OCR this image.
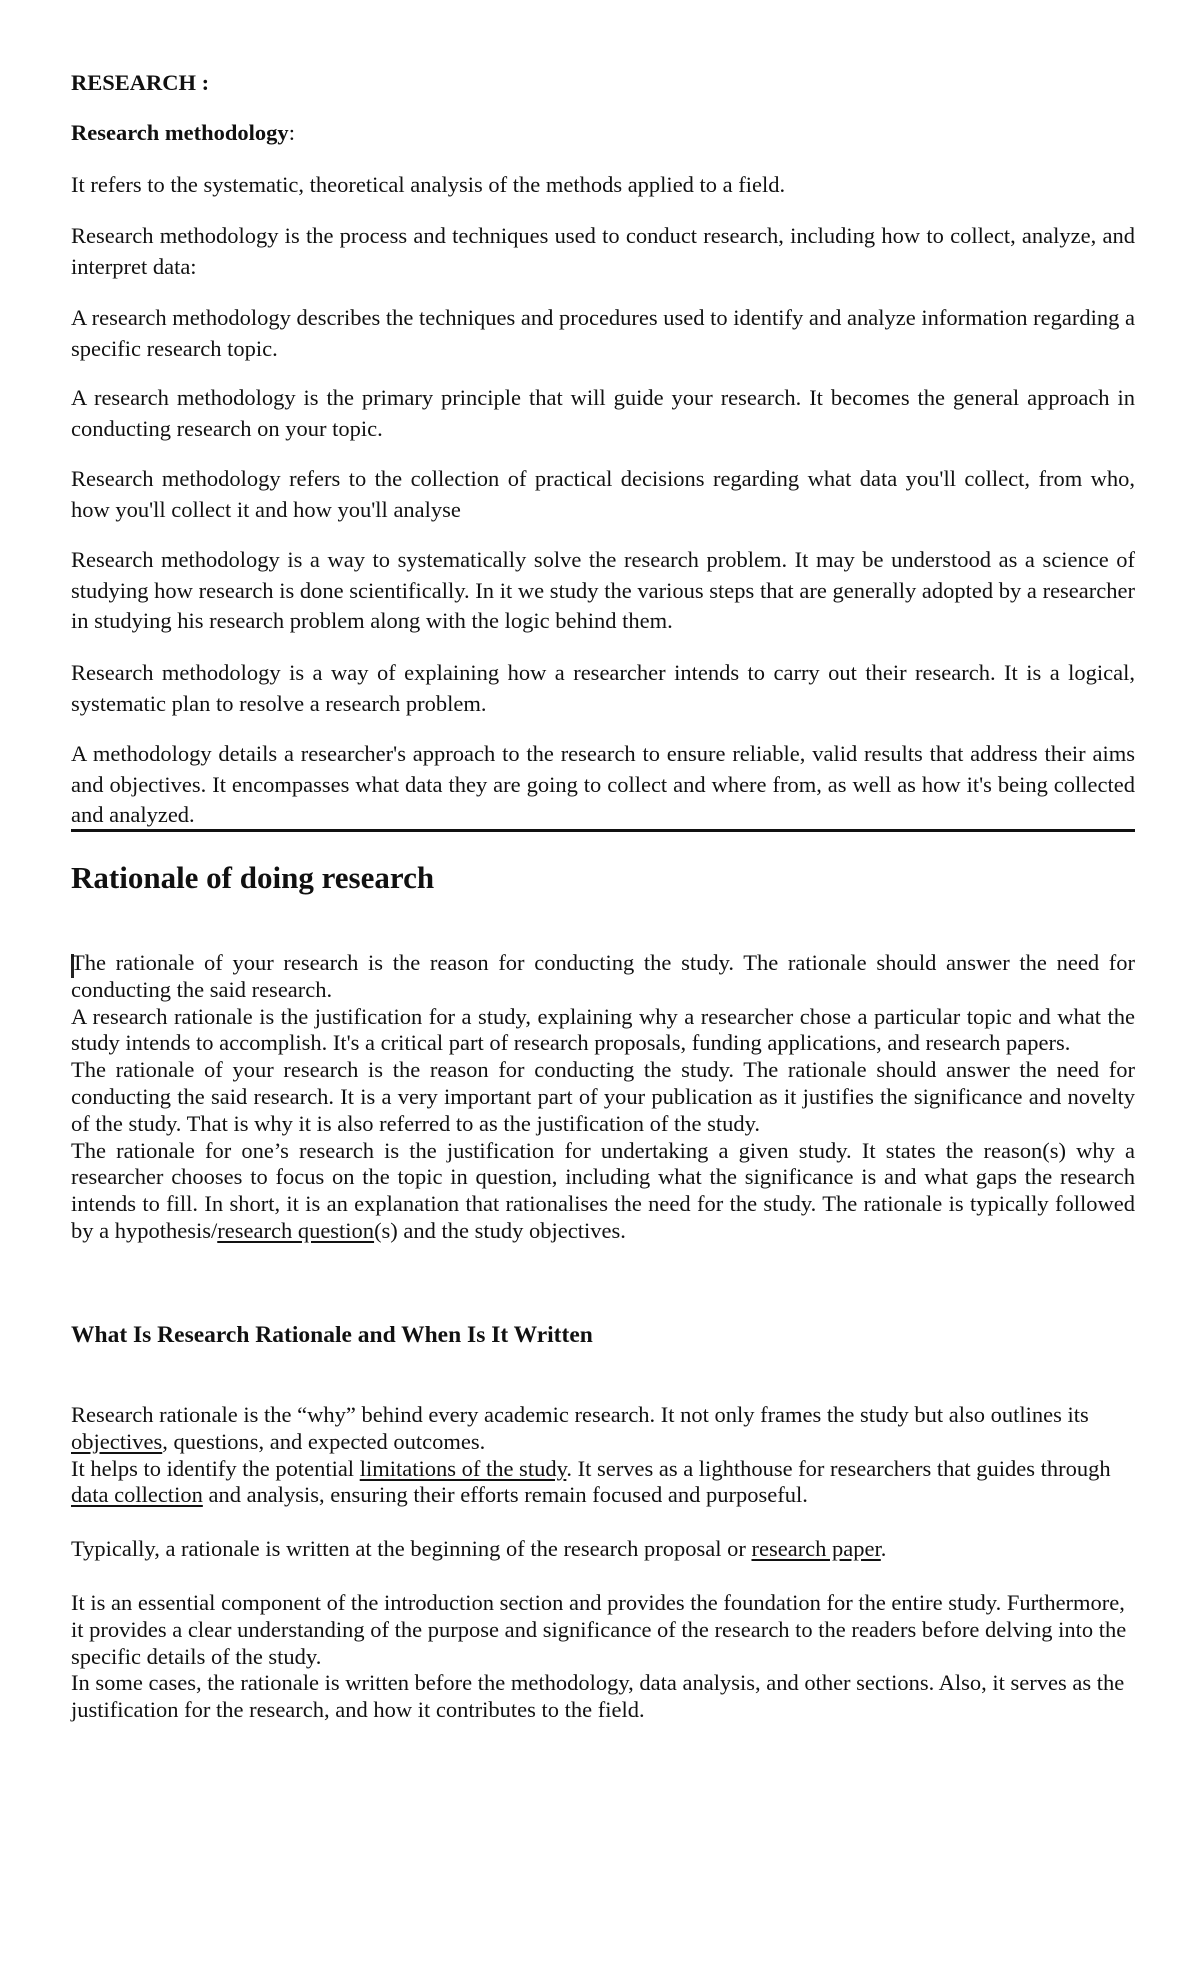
RESEARCH :
Research methodology:
It refers to the systematic, theoretical analysis of the methods applied to a field.
Research methodology is the process and techniques used to conduct research, including how to collect, analyze, and interpret data:
A research methodology describes the techniques and procedures used to identify and analyze information regarding a specific research topic.
A research methodology is the primary principle that will guide your research. It becomes the general approach in conducting research on your topic.
Research methodology refers to the collection of practical decisions regarding what data you'll collect, from who, how you'll collect it and how you'll analyse
Research methodology is a way to systematically solve the research problem. It may be understood as a science of studying how research is done scientifically. In it we study the various steps that are generally adopted by a researcher in studying his research problem along with the logic behind them.
Research methodology is a way of explaining how a researcher intends to carry out their research. It is a logical, systematic plan to resolve a research problem.
A methodology details a researcher's approach to the research to ensure reliable, valid results that address their aims and objectives. It encompasses what data they are going to collect and where from, as well as how it's being collected and analyzed.
Rationale of doing research
The rationale of your research is the reason for conducting the study. The rationale should answer the need for conducting the said research.
A research rationale is the justification for a study, explaining why a researcher chose a particular topic and what the study intends to accomplish. It's a critical part of research proposals, funding applications, and research papers.
The rationale of your research is the reason for conducting the study. The rationale should answer the need for conducting the said research. It is a very important part of your publication as it justifies the significance and novelty of the study. That is why it is also referred to as the justification of the study.
The rationale for one’s research is the justification for undertaking a given study. It states the reason(s) why a researcher chooses to focus on the topic in question, including what the significance is and what gaps the research intends to fill. In short, it is an explanation that rationalises the need for the study. The rationale is typically followed by a hypothesis/research question(s) and the study objectives.
What Is Research Rationale and When Is It Written
Research rationale is the “why” behind every academic research. It not only frames the study but also outlines its objectives, questions, and expected outcomes.
It helps to identify the potential limitations of the study. It serves as a lighthouse for researchers that guides through data collection and analysis, ensuring their efforts remain focused and purposeful.
Typically, a rationale is written at the beginning of the research proposal or research paper.
It is an essential component of the introduction section and provides the foundation for the entire study. Furthermore, it provides a clear understanding of the purpose and significance of the research to the readers before delving into the specific details of the study.
In some cases, the rationale is written before the methodology, data analysis, and other sections. Also, it serves as the justification for the research, and how it contributes to the field.
